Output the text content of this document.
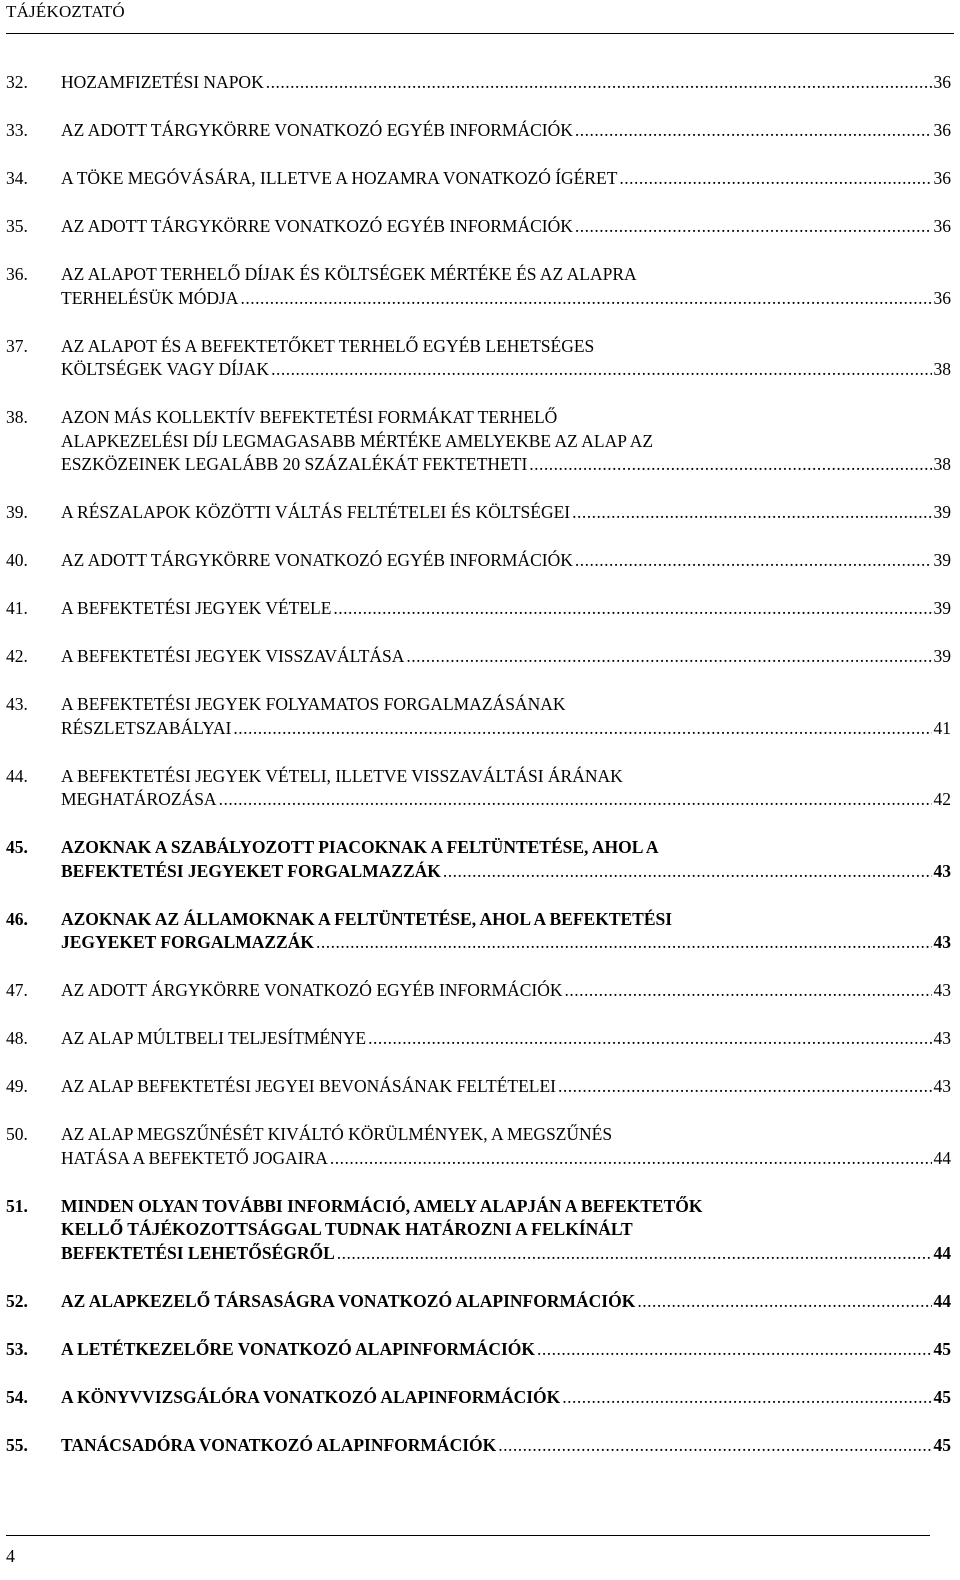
TÁJÉKOZTATÓ
32.	HOZAMFIZETÉSI NAPOK .....	36
33.	AZ ADOTT TÁRGYKÖRRE VONATKOZÓ EGYÉB INFORMÁCIÓK .....	36
34.	A TÖKE MEGÓVÁSÁRA, ILLETVE A HOZAMRA VONATKOZÓ ÍGÉRET .....	36
35.	AZ ADOTT TÁRGYKÖRRE VONATKOZÓ EGYÉB INFORMÁCIÓK .....	36
36.	AZ ALAPOT TERHELŐ DÍJAK ÉS KÖLTSÉGEK MÉRTÉKE ÉS AZ ALAPRA
TERHELÉSÜK MÓDJA .....	36
37.	AZ ALAPOT ÉS A BEFEKTETŐKET TERHELŐ EGYÉB LEHETSÉGES
KÖLTSÉGEK VAGY DÍJAK .....	38
38.	AZON MÁS KOLLEKTÍV BEFEKTETÉSI FORMÁKAT TERHELŐ
ALAPKEZELÉSI DÍJ LEGMAGASABB MÉRTÉKE AMELYEKBE AZ ALAP AZ
ESZKÖZEINEK LEGALÁBB 20 SZÁZALÉKÁT FEKTETHETI .....	38
39.	A RÉSZALAPOK KÖZÖTTI VÁLTÁS FELTÉTELEI ÉS KÖLTSÉGEI .....	39
40.	AZ ADOTT TÁRGYKÖRRE VONATKOZÓ EGYÉB INFORMÁCIÓK .....	39
41.	A BEFEKTETÉSI JEGYEK VÉTELE .....	39
42.	A BEFEKTETÉSI JEGYEK VISSZAVÁLTÁSA .....	39
43.	A BEFEKTETÉSI JEGYEK FOLYAMATOS FORGALMAZÁSÁNAK
RÉSZLETSZABÁLYAI .....	41
44.	A BEFEKTETÉSI JEGYEK VÉTELI, ILLETVE VISSZAVÁLTÁSI ÁRÁNAK
MEGHATÁROZÁSA .....	42
45.	AZOKNAK A SZABÁLYOZOTT PIACOKNAK A FELTÜNTETÉSE, AHOL A
BEFEKTETÉSI JEGYEKET FORGALMAZZÁK .....	43
46.	AZOKNAK AZ ÁLLAMOKNAK A FELTÜNTETÉSE, AHOL A BEFEKTETÉSI
JEGYEKET FORGALMAZZÁK .....	43
47.	AZ ADOTT ÁRGYKÖRRE VONATKOZÓ EGYÉB INFORMÁCIÓK .....	43
48.	AZ ALAP MÚLTBELI TELJESÍTMÉNYE .....	43
49.	AZ ALAP BEFEKTETÉSI JEGYEI BEVONÁSÁNAK FELTÉTELEI .....	43
50.	AZ ALAP MEGSZŰNÉSÉT KIVÁLTÓ KÖRÜLMÉNYEK, A MEGSZŰNÉS
HATÁSA A BEFEKTETŐ JOGAIRA .....	44
51.	MINDEN OLYAN TOVÁBBI INFORMÁCIÓ, AMELY ALAPJÁN A BEFEKTETŐK
KELLŐ TÁJÉKOZOTTSÁGGAL TUDNAK HATÁROZNI A FELKÍNÁLT
BEFEKTETÉSI LEHETŐSÉGRŐL .....	44
52.	AZ ALAPKEZELŐ TÁRSASÁGRA VONATKOZÓ ALAPINFORMÁCIÓK .....	44
53.	A LETÉTKEZELŐRE VONATKOZÓ ALAPINFORMÁCIÓK .....	45
54.	A KÖNYVVIZSGÁLÓRA VONATKOZÓ ALAPINFORMÁCIÓK .....	45
55.	TANÁCSADÓRA VONATKOZÓ ALAPINFORMÁCIÓK .....	45
4
